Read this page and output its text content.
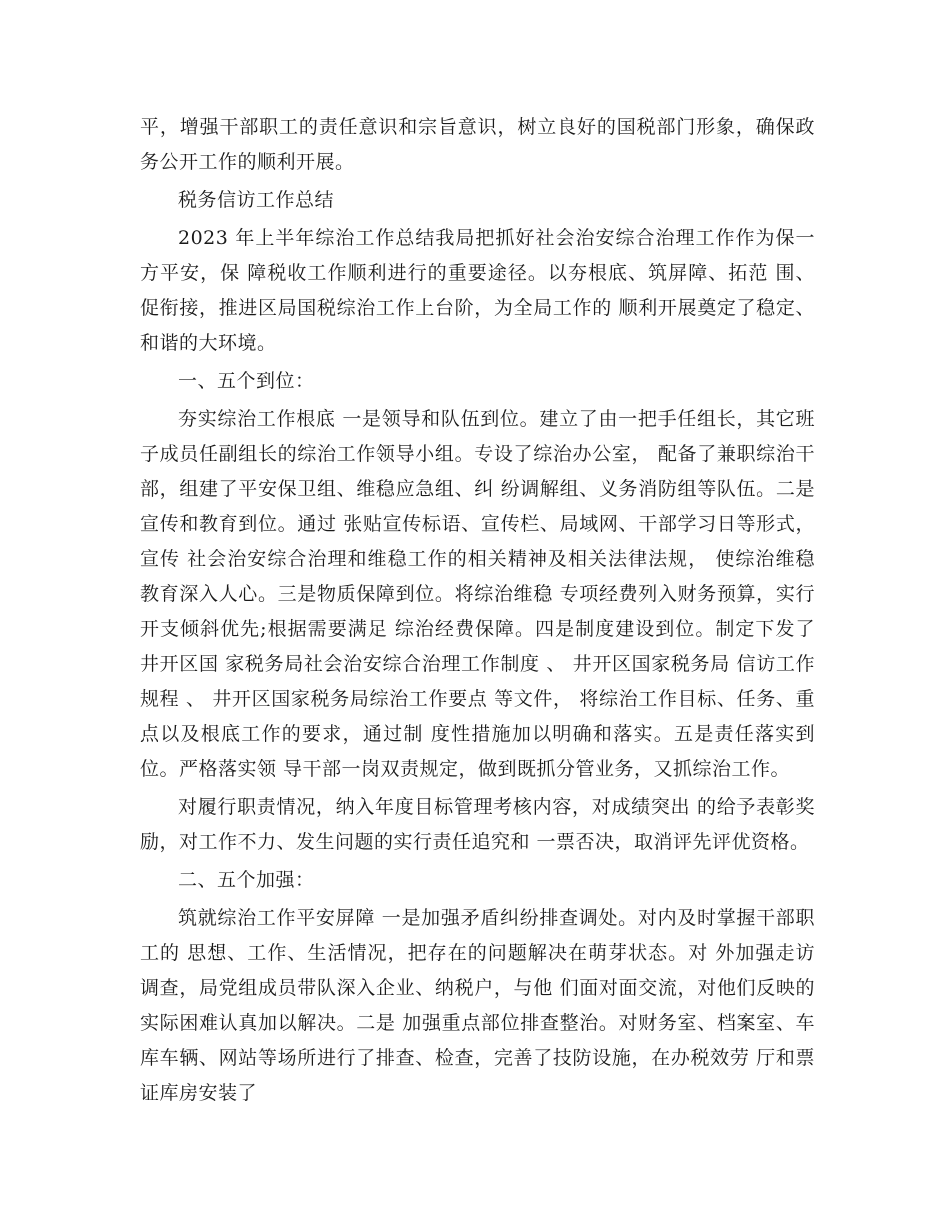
平，增强干部职工的责任意识和宗旨意识，树立良好的国税部门形象，确保政务公开工作的顺利开展。

税务信访工作总结

2023 年上半年综治工作总结我局把抓好社会治安综合治理工作作为保一方平安，保 障税收工作顺利进行的重要途径。以夯根底、筑屏障、拓范 围、促衔接，推进区局国税综治工作上台阶，为全局工作的 顺利开展奠定了稳定、和谐的大环境。

一、五个到位：

夯实综治工作根底 一是领导和队伍到位。建立了由一把手任组长，其它班 子成员任副组长的综治工作领导小组。专设了综治办公室， 配备了兼职综治干部，组建了平安保卫组、维稳应急组、纠 纷调解组、义务消防组等队伍。二是宣传和教育到位。通过 张贴宣传标语、宣传栏、局域网、干部学习日等形式，宣传 社会治安综合治理和维稳工作的相关精神及相关法律法规， 使综治维稳教育深入人心。三是物质保障到位。将综治维稳 专项经费列入财务预算，实行开支倾斜优先;根据需要满足 综治经费保障。四是制度建设到位。制定下发了井开区国 家税务局社会治安综合治理工作制度 、 井开区国家税务局 信访工作规程 、 井开区国家税务局综治工作要点 等文件， 将综治工作目标、任务、重点以及根底工作的要求，通过制 度性措施加以明确和落实。五是责任落实到位。严格落实领 导干部一岗双责规定，做到既抓分管业务，又抓综治工作。

对履行职责情况，纳入年度目标管理考核内容，对成绩突出 的给予表彰奖励，对工作不力、发生问题的实行责任追究和 一票否决，取消评先评优资格。

二、五个加强：

筑就综治工作平安屏障 一是加强矛盾纠纷排查调处。对内及时掌握干部职工的 思想、工作、生活情况，把存在的问题解决在萌芽状态。对 外加强走访调查，局党组成员带队深入企业、纳税户，与他 们面对面交流，对他们反映的实际困难认真加以解决。二是 加强重点部位排查整治。对财务室、档案室、车库车辆、网站等场所进行了排查、检查，完善了技防设施，在办税效劳 厅和票证库房安装了
